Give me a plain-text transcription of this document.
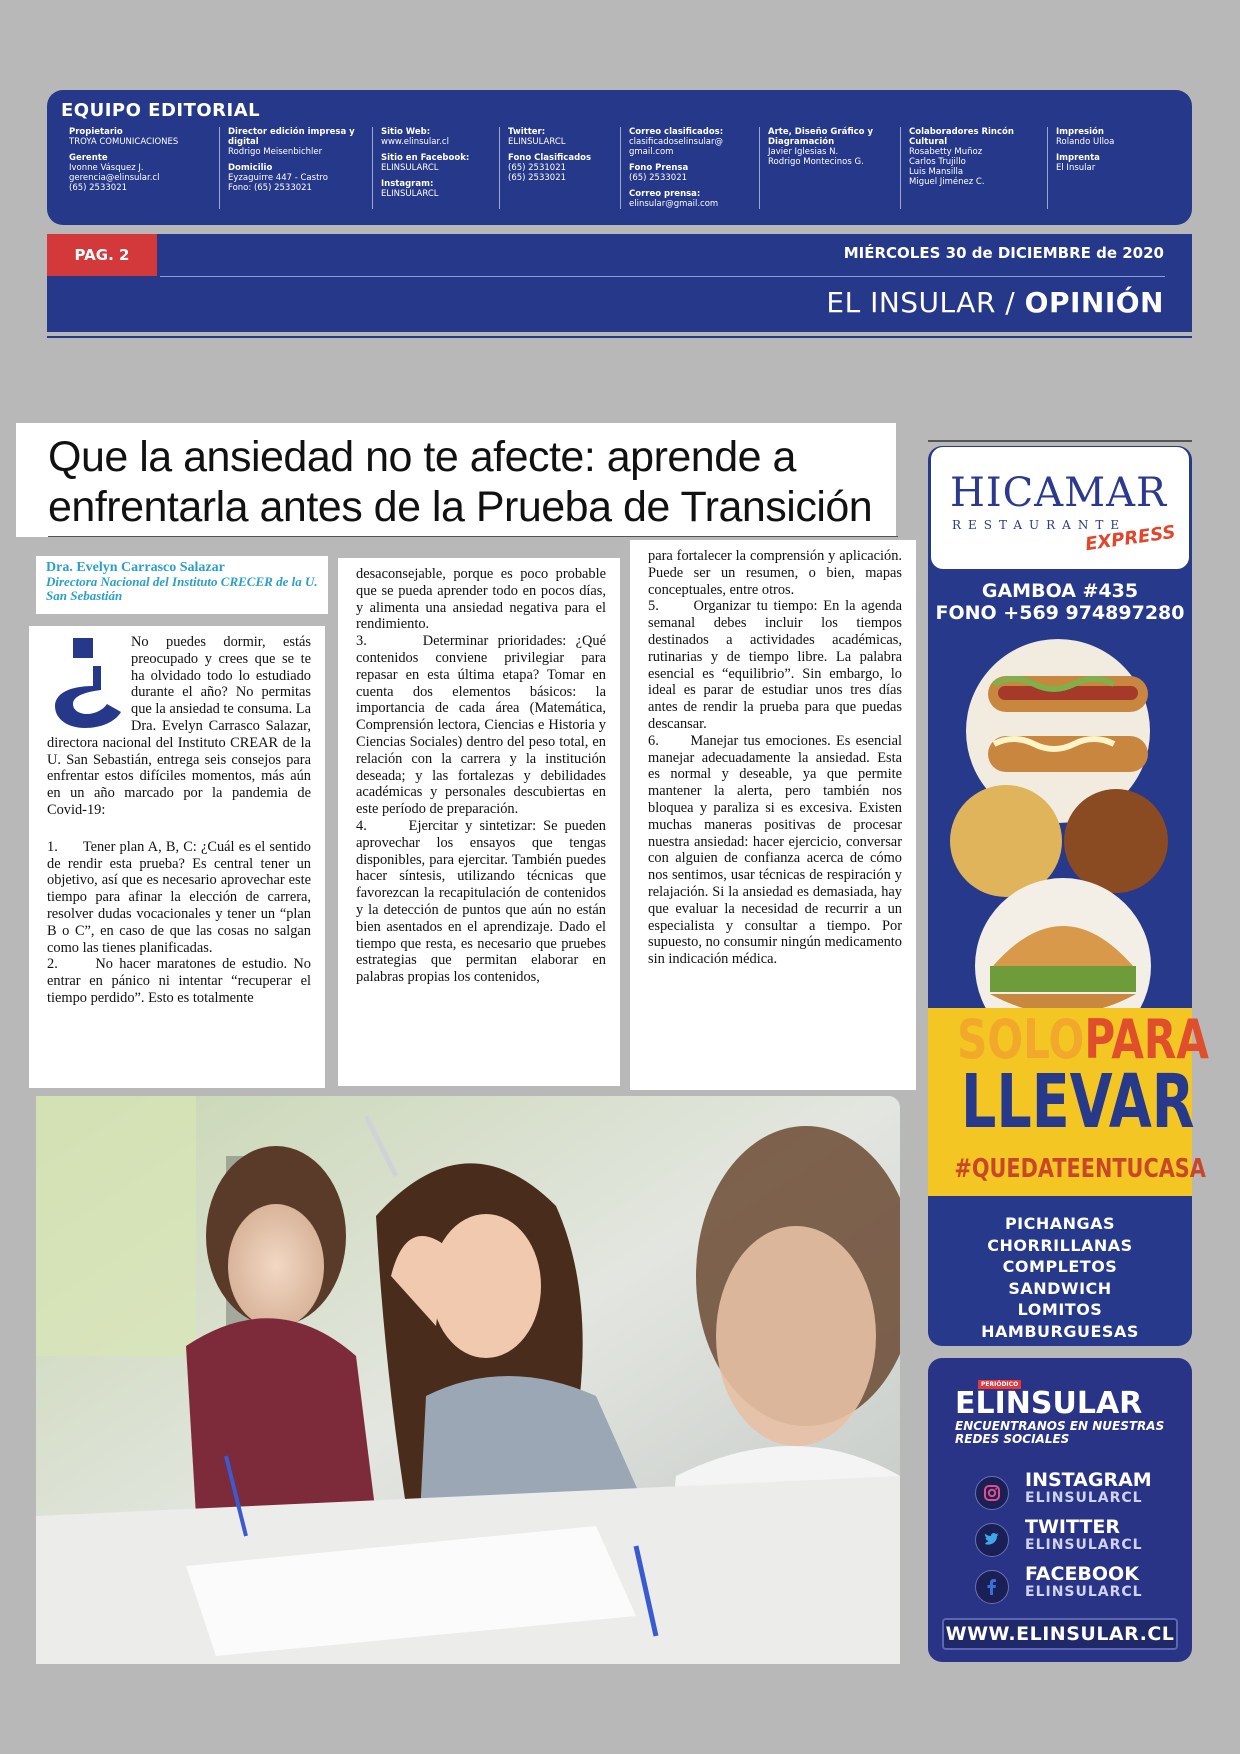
EQUIPO EDITORIAL
Propietario
TROYA COMUNICACIONES
Gerente
Ivonne Vásquez J.
gerencia@elinsular.cl
(65) 2533021
Director edición impresa y digital
Rodrigo Meisenbichler
Domicilio
Eyzaguirre 447 - Castro
Fono: (65) 2533021
Sitio Web:
www.elinsular.cl
Sitio en Facebook:
ELINSULARCL
Instagram:
ELINSULARCL
Twitter:
ELINSULARCL
Fono Clasificados
(65) 2531021
(65) 2533021
Correo clasificados:
clasificadoselinsular@
gmail.com
Fono Prensa
(65) 2533021
Correo prensa:
elinsular@gmail.com
Arte, Diseño Gráfico y Diagramación
Javier Iglesias N.
Rodrigo Montecinos G.
Colaboradores Rincón Cultural
Rosabetty Muñoz
Carlos Trujillo
Luis Mansilla
Miguel Jiménez C.
Impresión
Rolando Ulloa
Imprenta
El Insular
PAG. 2	MIÉRCOLES 30 de DICIEMBRE de 2020
EL INSULAR / OPINIÓN
Que la ansiedad no te afecte: aprende a
enfrentarla antes de la Prueba de Transición
Dra. Evelyn Carrasco Salazar
Directora Nacional del Instituto CRECER de la U. San Sebastián
No puedes dormir, estás preocupado y crees que se te ha olvidado todo lo estudiado durante el año? No permitas que la ansiedad te consuma. La Dra. Evelyn Carrasco Salazar, directora nacional del Instituto CREAR de la U. San Sebastián, entrega seis consejos para enfrentar estos difíciles momentos, más aún en un año marcado por la pandemia de Covid-19:
1.      Tener plan A, B, C: ¿Cuál es el sentido de rendir esta prueba? Es central tener un objetivo, así que es necesario aprovechar este tiempo para afinar la elección de carrera, resolver dudas vocacionales y tener un “plan B o C”, en caso de que las cosas no salgan como las tienes planificadas.
2.      No hacer maratones de estudio. No entrar en pánico ni intentar “recuperar el tiempo perdido”. Esto es totalmente
desaconsejable, porque es poco probable que se pueda aprender todo en pocos días, y alimenta una ansiedad negativa para el rendimiento.
3.      Determinar prioridades: ¿Qué contenidos conviene privilegiar para repasar en esta última etapa? Tomar en cuenta dos elementos básicos: la importancia de cada área (Matemática, Comprensión lectora, Ciencias e Historia y Ciencias Sociales) dentro del peso total, en relación con la carrera y la institución deseada; y las fortalezas y debilidades académicas y personales descubiertas en este período de preparación.
4.      Ejercitar y sintetizar: Se pueden aprovechar los ensayos que tengas disponibles, para ejercitar. También puedes hacer síntesis, utilizando técnicas que favorezcan la recapitulación de contenidos y la detección de puntos que aún no están bien asentados en el aprendizaje. Dado el tiempo que resta, es necesario que pruebes estrategias que permitan elaborar en palabras propias los contenidos,
para fortalecer la comprensión y aplicación. Puede ser un resumen, o bien, mapas conceptuales, entre otros.
5.      Organizar tu tiempo: En la agenda semanal debes incluir los tiempos destinados a actividades académicas, rutinarias y de tiempo libre. La palabra esencial es “equilibrio”. Sin embargo, lo ideal es parar de estudiar unos tres días antes de rendir la prueba para que puedas descansar.
6.      Manejar tus emociones. Es esencial manejar adecuadamente la ansiedad. Esta es normal y deseable, ya que permite mantener la alerta, pero también nos bloquea y paraliza si es excesiva. Existen muchas maneras positivas de procesar nuestra ansiedad: hacer ejercicio, conversar con alguien de confianza acerca de cómo nos sentimos, usar técnicas de respiración y relajación. Si la ansiedad es demasiada, hay que evaluar la necesidad de recurrir a un especialista y consultar a tiempo. Por supuesto, no consumir ningún medicamento sin indicación médica.
HICAMAR
RESTAURANTE
EXPRESS
GAMBOA #435
FONO +569 974897280
SOLOPARA
LLEVAR
#QUEDATEENTUCASA
PICHANGAS
CHORRILLANAS
COMPLETOS
SANDWICH
LOMITOS
HAMBURGUESAS
PERIÓDICO
ELINSULAR
ENCUENTRANOS EN NUESTRAS REDES SOCIALES
INSTAGRAM
ELINSULARCL
TWITTER
ELINSULARCL
FACEBOOK
ELINSULARCL
WWW.ELINSULAR.CL
